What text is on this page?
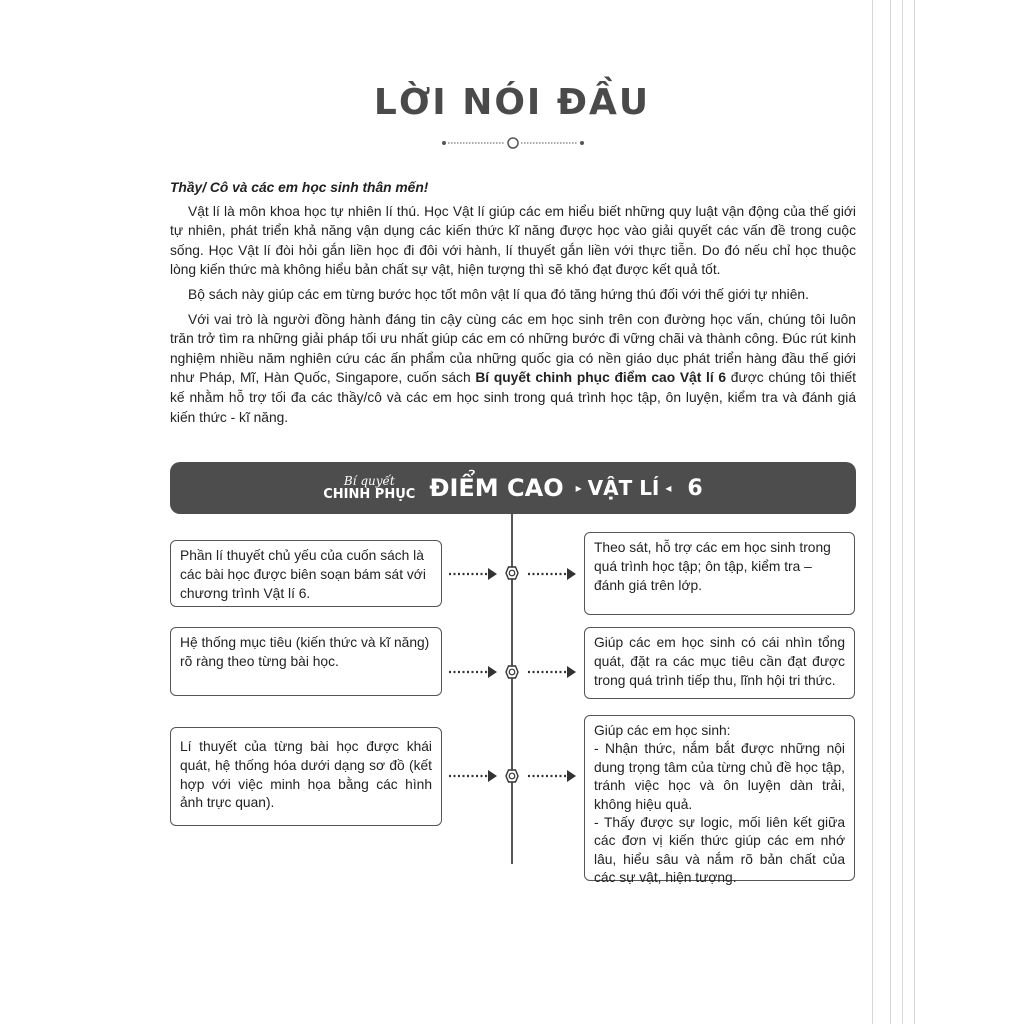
LỜI NÓI ĐẦU

Thầy/ Cô và các em học sinh thân mến!

Vật lí là môn khoa học tự nhiên lí thú. Học Vật lí giúp các em hiểu biết những quy luật vận động của thế giới tự nhiên, phát triển khả năng vận dụng các kiến thức kĩ năng được học vào giải quyết các vấn đề trong cuộc sống. Học Vật lí đòi hỏi gắn liền học đi đôi với hành, lí thuyết gắn liền với thực tiễn. Do đó nếu chỉ học thuộc lòng kiến thức mà không hiểu bản chất sự vật, hiện tượng thì sẽ khó đạt được kết quả tốt.

Bộ sách này giúp các em từng bước học tốt môn vật lí qua đó tăng hứng thú đối với thế giới tự nhiên.

Với vai trò là người đồng hành đáng tin cậy cùng các em học sinh trên con đường học vấn, chúng tôi luôn trăn trở tìm ra những giải pháp tối ưu nhất giúp các em có những bước đi vững chãi và thành công. Đúc rút kinh nghiệm nhiều năm nghiên cứu các ấn phẩm của những quốc gia có nền giáo dục phát triển hàng đầu thế giới như Pháp, Mĩ, Hàn Quốc, Singapore, cuốn sách Bí quyết chinh phục điểm cao Vật lí 6 được chúng tôi thiết kế nhằm hỗ trợ tối đa các thầy/cô và các em học sinh trong quá trình học tập, ôn luyện, kiểm tra và đánh giá kiến thức - kĩ năng.

Bí quyết
CHINH PHỤC ĐIỂM CAO ▸ VẬT LÍ ◂ 6
Phần lí thuyết chủ yếu của cuốn sách là các bài học được biên soạn bám sát với chương trình Vật lí 6.
Theo sát, hỗ trợ các em học sinh trong quá trình học tập; ôn tập, kiểm tra – đánh giá trên lớp.
Hệ thống mục tiêu (kiến thức và kĩ năng) rõ ràng theo từng bài học.
Giúp các em học sinh có cái nhìn tổng quát, đặt ra các mục tiêu cần đạt được trong quá trình tiếp thu, lĩnh hội tri thức.
Lí thuyết của từng bài học được khái quát, hệ thống hóa dưới dạng sơ đồ (kết hợp với việc minh họa bằng các hình ảnh trực quan).
Giúp các em học sinh:
- Nhận thức, nắm bắt được những nội dung trọng tâm của từng chủ đề học tập, tránh việc học và ôn luyện dàn trải, không hiệu quả.
- Thấy được sự logic, mối liên kết giữa các đơn vị kiến thức giúp các em nhớ lâu, hiểu sâu và nắm rõ bản chất của các sự vật, hiện tượng.
